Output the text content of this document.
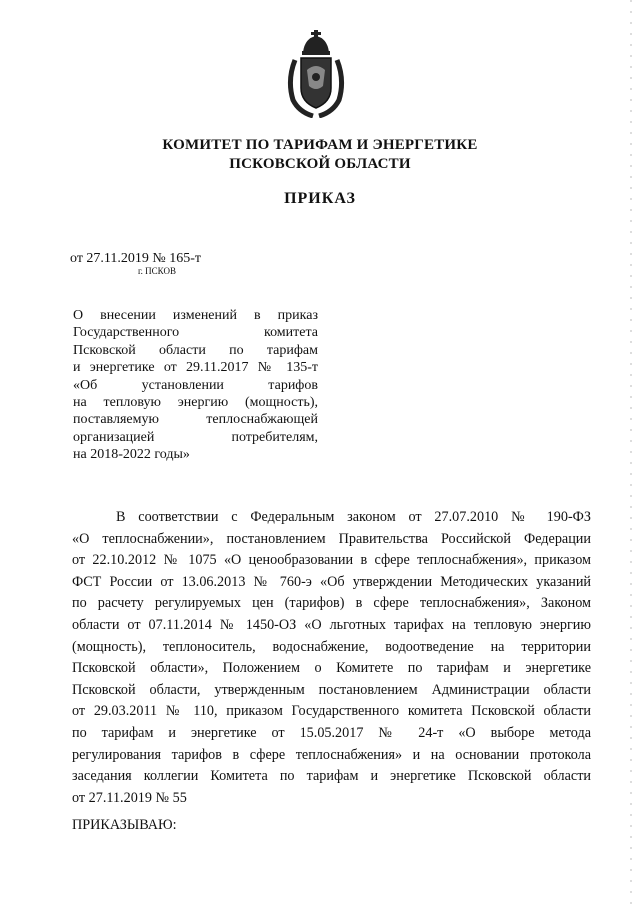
КОМИТЕТ ПО ТАРИФАМ И ЭНЕРГЕТИКЕ
ПСКОВСКОЙ ОБЛАСТИ
ПРИКАЗ
от 27.11.2019 № 165-т
г. ПСКОВ
О внесении изменений в приказ
Государственного комитета
Псковской области по тарифам
и энергетике от 29.11.2017 № 135-т
«Об установлении тарифов
на тепловую энергию (мощность),
поставляемую теплоснабжающей
организацией потребителям,
на 2018-2022 годы»
В соответствии с Федеральным законом от 27.07.2010 № 190-ФЗ
«О теплоснабжении», постановлением Правительства Российской Федерации
от 22.10.2012 № 1075 «О ценообразовании в сфере теплоснабжения», приказом
ФСТ России от 13.06.2013 № 760-э «Об утверждении Методических указаний
по расчету регулируемых цен (тарифов) в сфере теплоснабжения», Законом
области от 07.11.2014 № 1450-ОЗ «О льготных тарифах на тепловую энергию
(мощность), теплоноситель, водоснабжение, водоотведение на территории
Псковской области», Положением о Комитете по тарифам и энергетике
Псковской области, утвержденным постановлением Администрации области
от 29.03.2011 № 110, приказом Государственного комитета Псковской области
по тарифам и энергетике от 15.05.2017 № 24-т «О выборе метода
регулирования тарифов в сфере теплоснабжения» и на основании протокола
заседания коллегии Комитета по тарифам и энергетике Псковской области
от 27.11.2019 № 55
ПРИКАЗЫВАЮ:
